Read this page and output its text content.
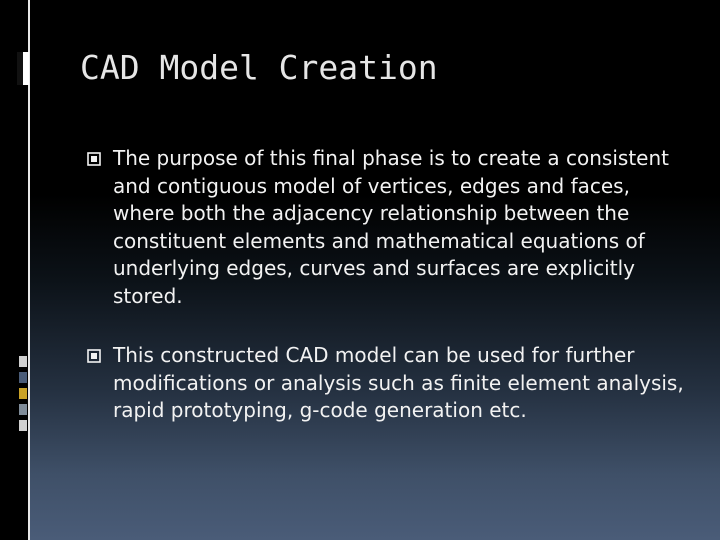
CAD Model Creation

The purpose of this final phase is to create a consistent and contiguous model of vertices, edges and faces, where both the adjacency relationship between the constituent elements and mathematical equations of underlying edges, curves and surfaces are explicitly stored.

This constructed CAD model can be used for further modifications or analysis such as finite element analysis, rapid prototyping, g-code generation etc.
